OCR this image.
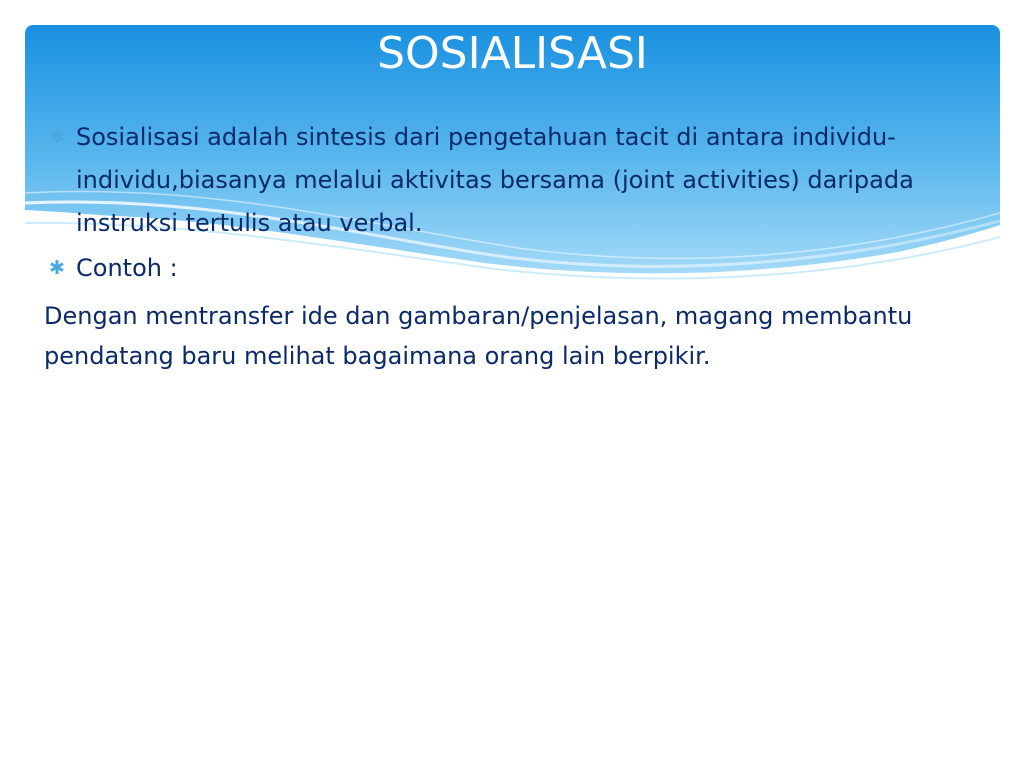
SOSIALISASI
✱ Sosialisasi adalah sintesis dari pengetahuan tacit di antara individu-individu,biasanya melalui aktivitas bersama (joint activities) daripada instruksi tertulis atau verbal.
✱ Contoh :

Dengan mentransfer ide dan gambaran/penjelasan, magang membantu pendatang baru melihat bagaimana orang lain berpikir.
